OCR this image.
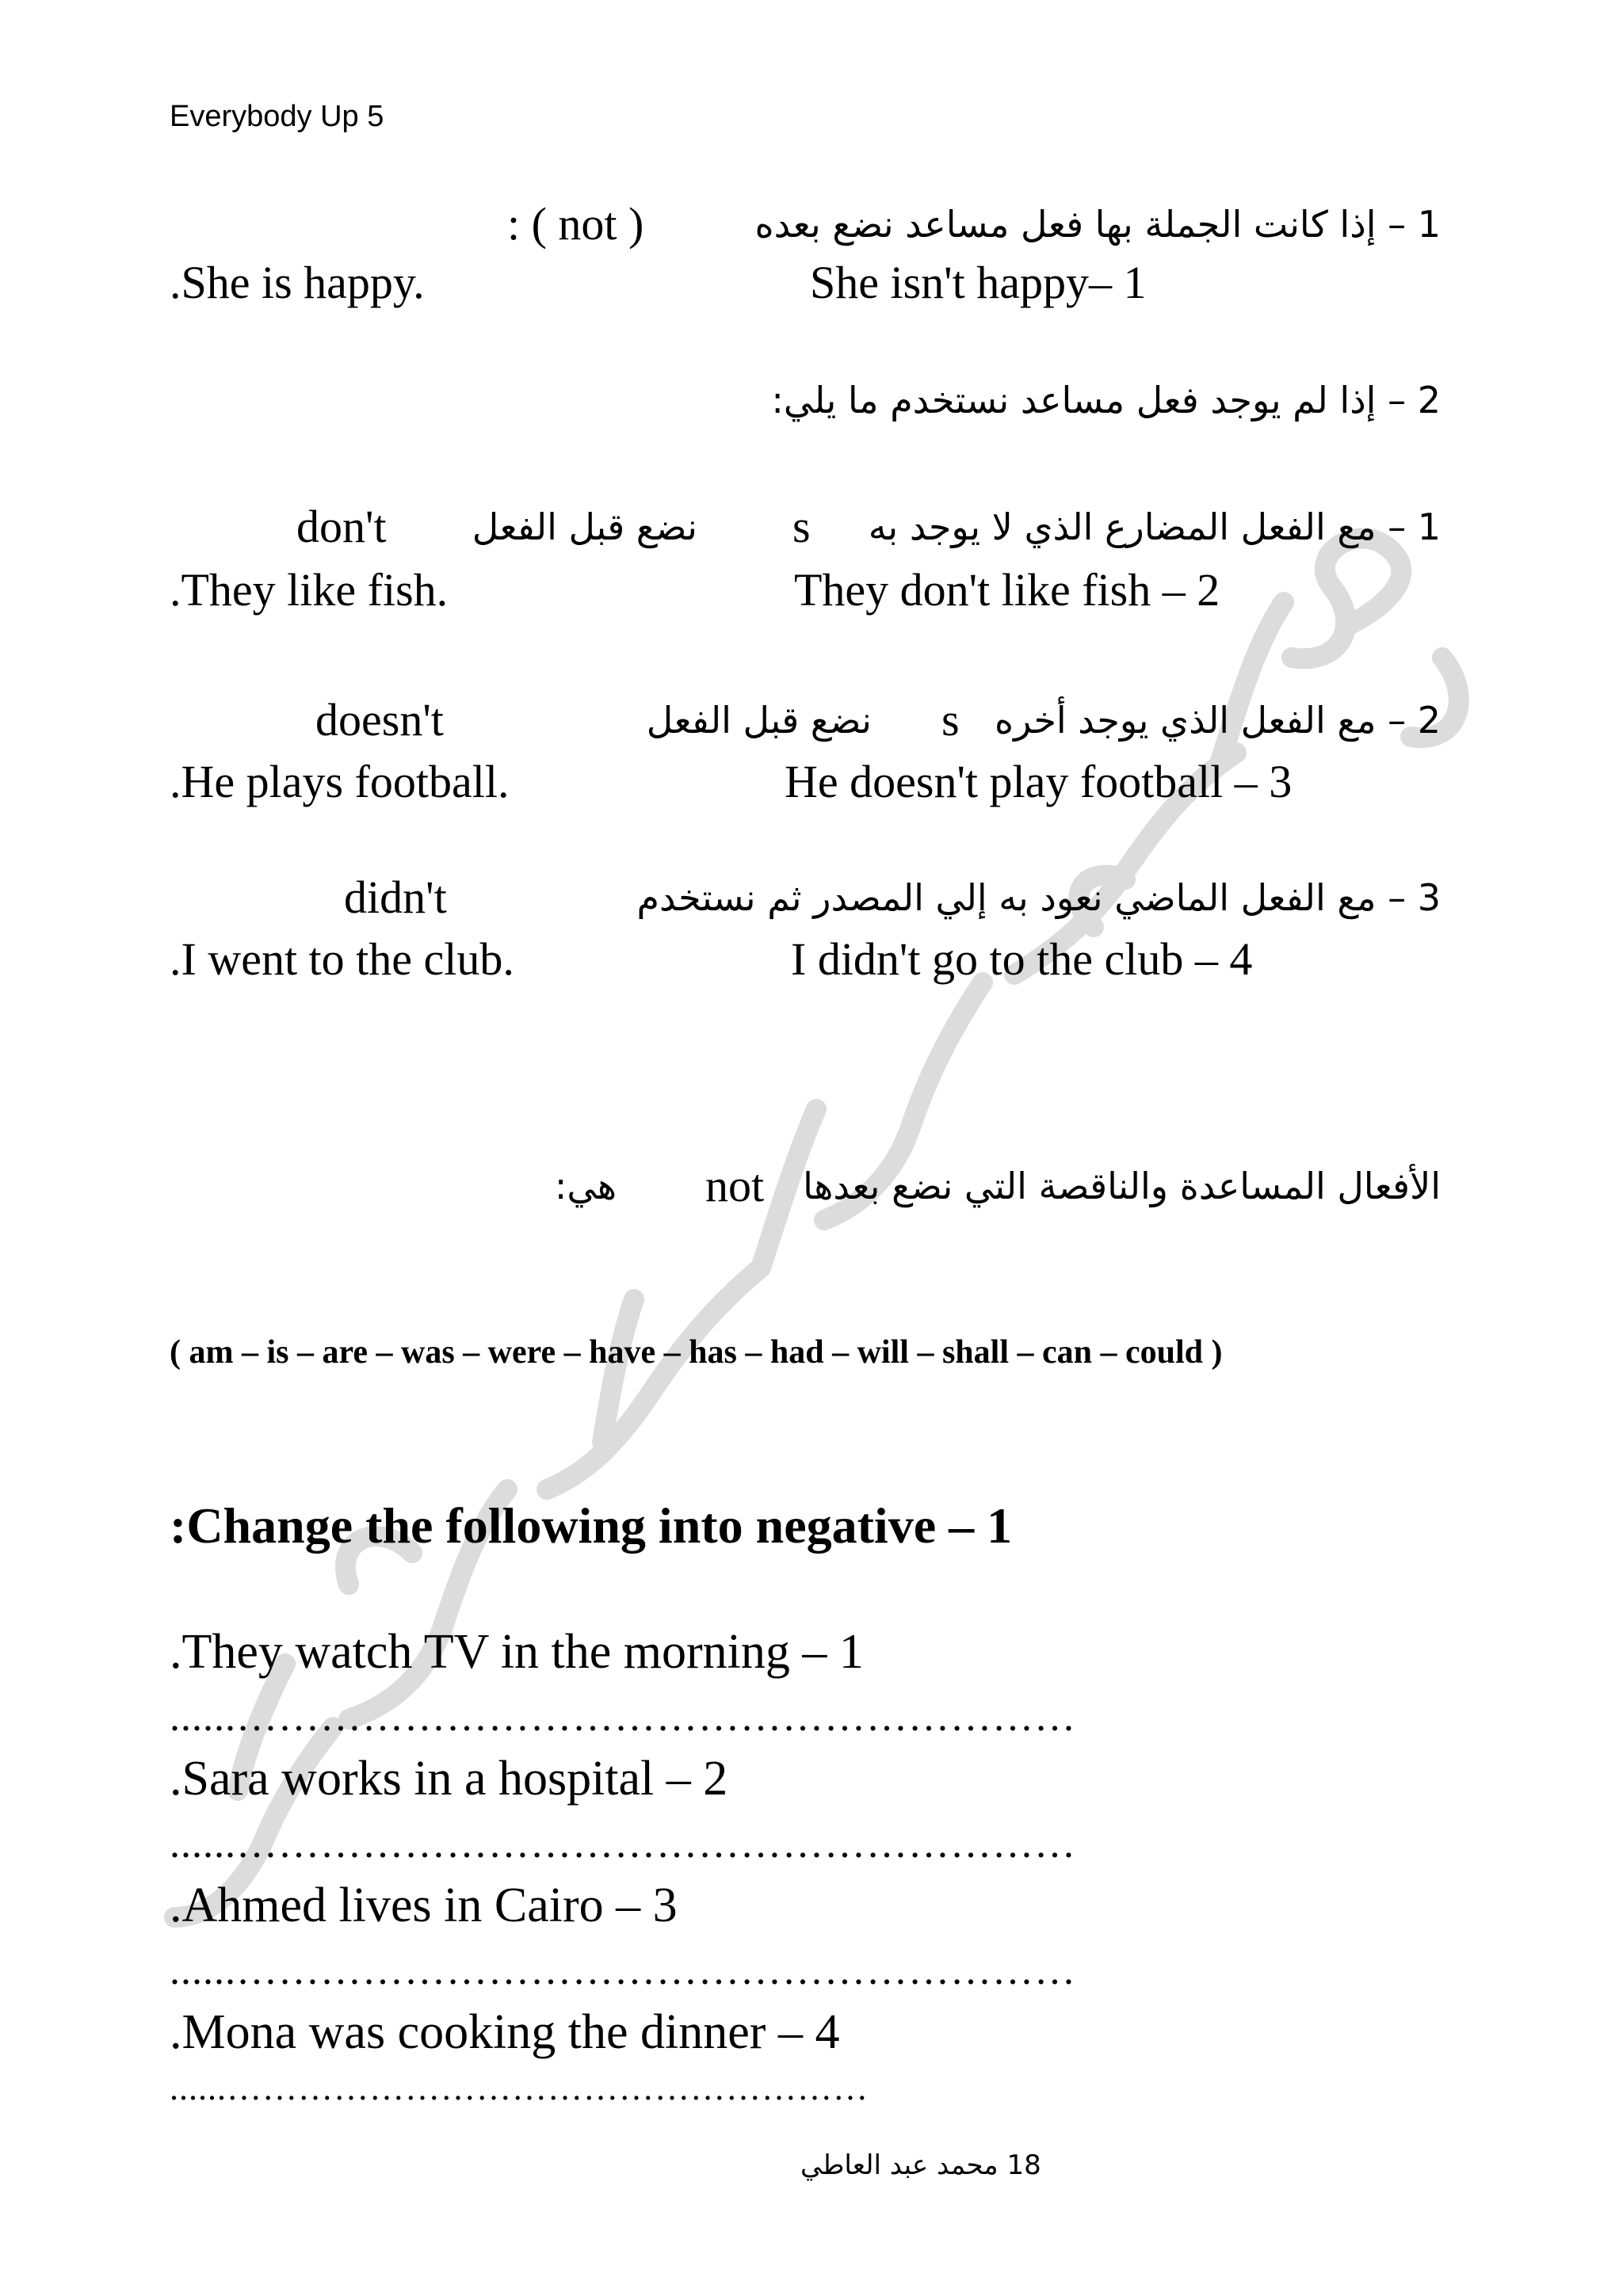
Everybody Up 5
1 – إذا كانت الجملة بها فعل مساعد نضع بعده
: ( not )
.She is happy.	She isn't happy– 1
2 – إذا لم يوجد فعل مساعد نستخدم ما يلي:
1 – مع الفعل المضارع الذي لا يوجد به
s
نضع قبل الفعل
don't
.They like fish.	They don't like fish – 2
2 – مع الفعل الذي يوجد أخره
s
نضع قبل الفعل
doesn't
.He plays football.	He doesn't play football – 3
3 – مع الفعل الماضي نعود به إلي المصدر ثم نستخدم
didn't
.I went to the club.	I didn't go to the club – 4
الأفعال المساعدة والناقصة التي نضع بعدها
not
هي:
( am – is – are – was – were – have – has – had – will – shall – can – could )
:Change the following into negative – 1
.They watch TV in the morning – 1
......……………………………………………………
.Sara works in a hospital – 2
......……………………………………………………
.Ahmed lives in Cairo – 3
......……………………………………………………
.Mona was cooking the dinner – 4
......………………………………………………
18 محمد عبد العاطي
